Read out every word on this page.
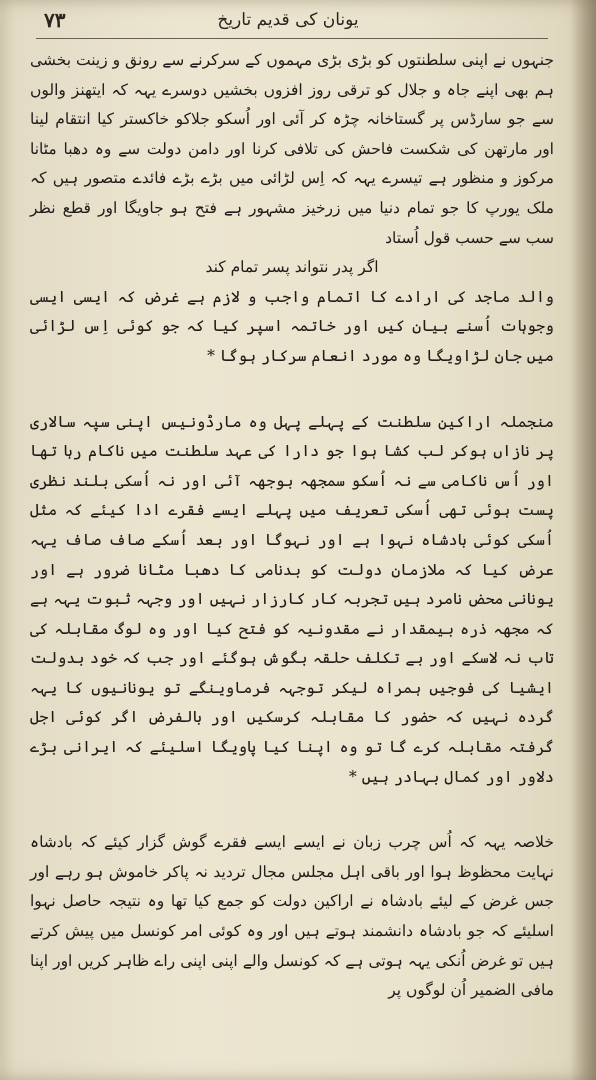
۷۳	یونان کی قدیم تاریخ

جنہوں نے اپنی سلطنتوں کو بڑی بڑی مہموں کے سرکرنے سے رونق و زینت بخشی ہم بھی اپنے جاہ و جلال کو ترقی روز افزوں بخشیں دوسرے یہہ کہ ایتھنز والوں سے جو سارڈس پر گستاخانہ چڑہ کر آئی اور اُسکو جلاکو خاکستر کیا انتقام لینا اور مارتھن کی شکست فاحش کی تلافی کرنا اور دامن دولت سے وہ دھبا مٹانا مرکوز و منظور ہے تیسرے یہہ کہ اِس لڑائی میں بڑے بڑے فائدے متصور ہیں کہ ملک یورپ کا جو تمام دنیا میں زرخیز مشہور ہے فتح ہو جاویگا اور قطع نظر سب سے حسب قول اُستاد

اگر پدر نتواند پسر تمام کند

والد ماجد کی ارادے کا اتمام واجب و لازم ہے غرض کہ ایسی ایسی وجوہات اُسنے بیان کیں اور خاتمہ اسپر کیا کہ جو کوئی اِس لڑائی میں جان لڑاویگا وہ مورد انعام سرکار ہوگا *

منجملہ اراکین سلطنت کے پہلے پہل وہ مارڈونیس اپنی سپہ سالاری پر نازاں ہوکر لب کشا ہوا جو دارا کی عہد سلطنت میں ناکام رہا تھا اور اُس ناکامی سے نہ اُسکو سمجھہ بوجھہ آئی اور نہ اُسکی بلند نظری پست ہوئی تھی اُسکی تعریف میں پہلے ایسے فقرے ادا کیئے کہ مثل اُسکی کوئی بادشاہ نہوا ہے اور نہوگا اور بعد اُسکے صاف صاف یہہ عرض کیا کہ ملازمان دولت کو بدنامی کا دھبا مٹانا ضرور ہے اور یونانی محض نامرد ہیں تجربہ کار کارزار نہیں اور وجہہ ثبوت یہہ ہے کہ مجھہ ذرہ بیمقدار نے مقدونیہ کو فتح کیا اور وہ لوگ مقابلہ کی تاب نہ لاسکے اور بے تکلف حلقہ بگوش ہوگئے اور جب کہ خود بدولت ایشیا کی فوجیں ہمراہ لیکر توجہہ فرماوینگے تو یونانیوں کا یہہ گردہ نہیں کہ حضور کا مقابلہ کرسکیں اور بالفرض اگر کوئی اجل گرفتہ مقابلہ کرے گا تو وہ اپنا کیا پاویگا اسلیئے کہ ایرانی بڑے دلاور اور کمال بہادر ہیں *

خلاصہ یہہ کہ اُس چرب زبان نے ایسے ایسے فقرے گوش گزار کیئے کہ بادشاہ نہایت محظوظ ہوا اور باقی اہل مجلس مجال تردید نہ پاکر خاموش ہو رہے اور جس غرض کے لیئے بادشاہ نے اراکین دولت کو جمع کیا تھا وہ نتیجہ حاصل نہوا اسلیئے کہ جو بادشاہ دانشمند ہوتے ہیں اور وہ کوئی امر کونسل میں پیش کرتے ہیں تو غرض اُنکی یہہ ہوتی ہے کہ کونسل والے اپنی اپنی راے ظاہر کریں اور اپنا مافی الضمیر اُن لوگوں پر
